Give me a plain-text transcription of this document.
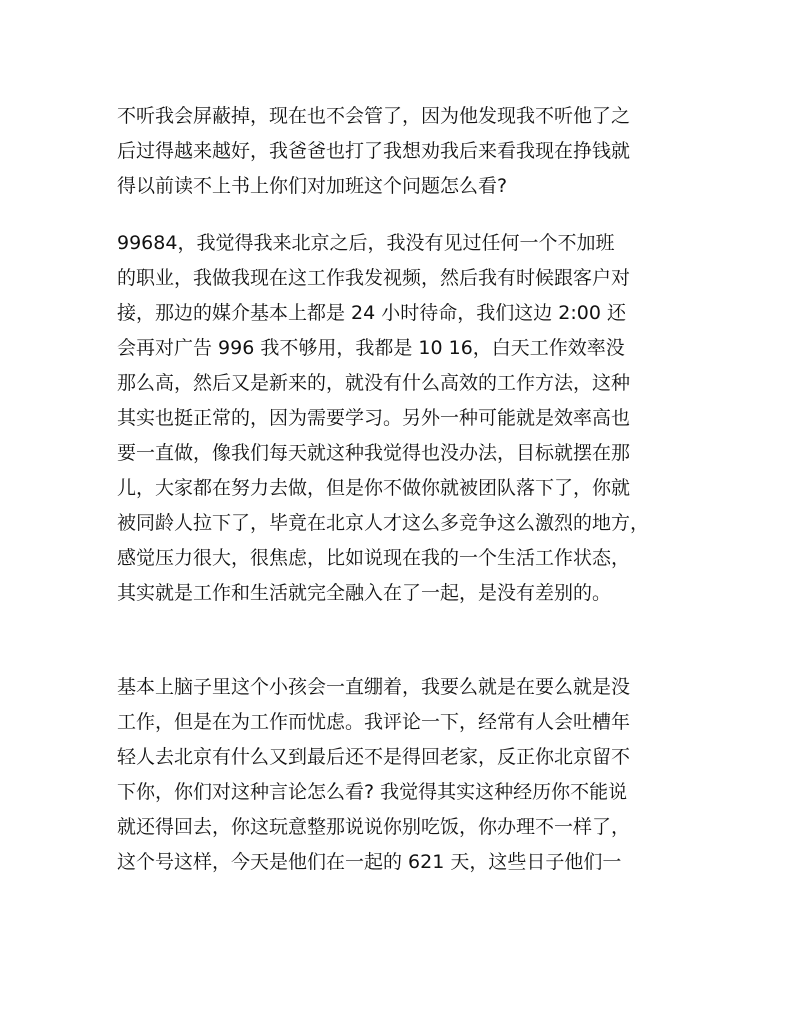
不听我会屏蔽掉，现在也不会管了，因为他发现我不听他了之
后过得越来越好，我爸爸也打了我想劝我后来看我现在挣钱就
得以前读不上书上你们对加班这个问题怎么看?

99684，我觉得我来北京之后，我没有见过任何一个不加班
的职业，我做我现在这工作我发视频，然后我有时候跟客户对
接，那边的媒介基本上都是 24 小时待命，我们这边 2:00 还
会再对广告 996 我不够用，我都是 10 16，白天工作效率没
那么高，然后又是新来的，就没有什么高效的工作方法，这种
其实也挺正常的，因为需要学习。另外一种可能就是效率高也
要一直做，像我们每天就这种我觉得也没办法，目标就摆在那
儿，大家都在努力去做，但是你不做你就被团队落下了，你就
被同龄人拉下了，毕竟在北京人才这么多竞争这么激烈的地方，
感觉压力很大，很焦虑，比如说现在我的一个生活工作状态，
其实就是工作和生活就完全融入在了一起，是没有差别的。

基本上脑子里这个小孩会一直绷着，我要么就是在要么就是没
工作，但是在为工作而忧虑。我评论一下，经常有人会吐槽年
轻人去北京有什么又到最后还不是得回老家，反正你北京留不
下你，你们对这种言论怎么看? 我觉得其实这种经历你不能说
就还得回去，你这玩意整那说说你别吃饭，你办理不一样了，
这个号这样，今天是他们在一起的 621 天，这些日子他们一
